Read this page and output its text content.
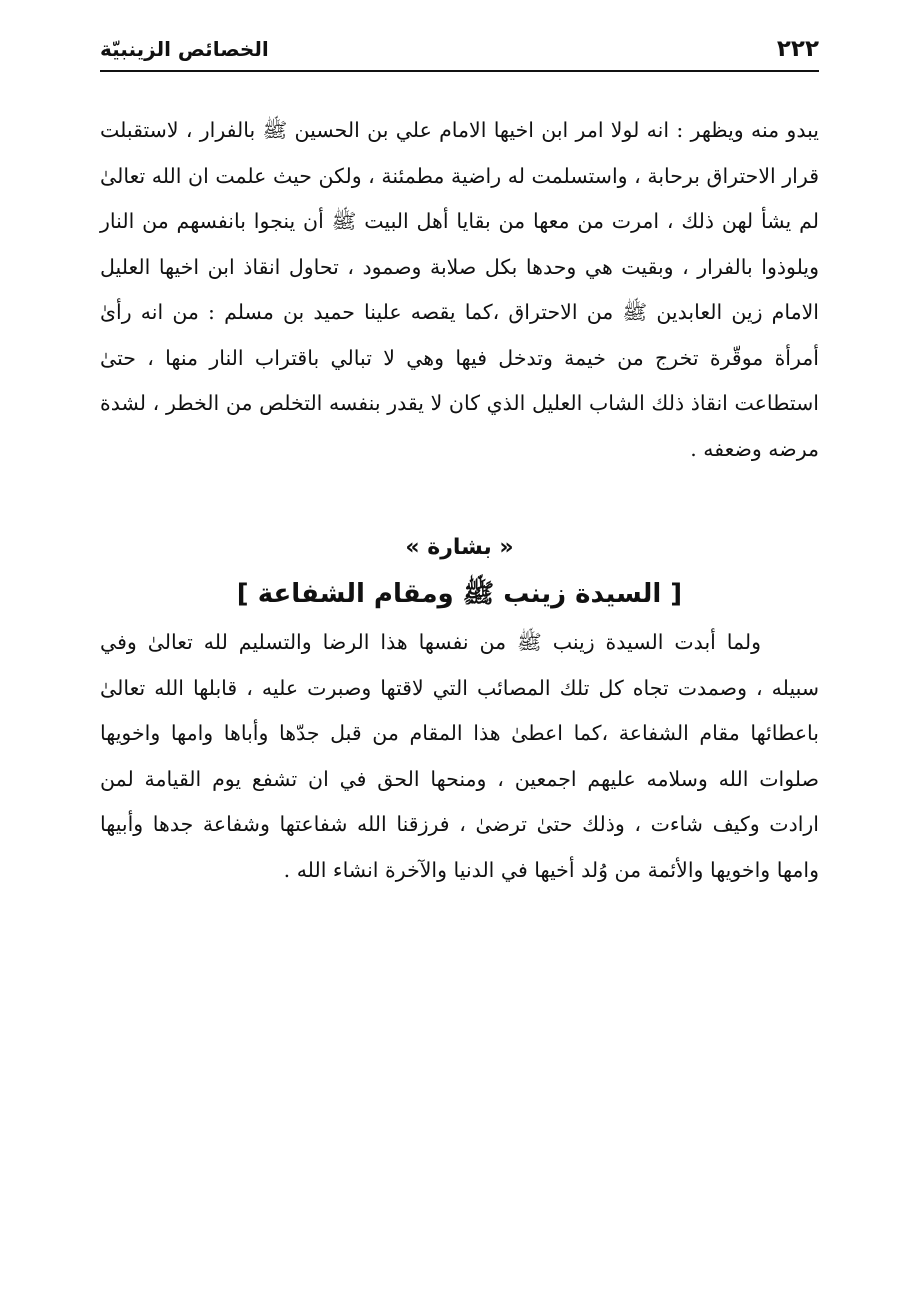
٢٢٢
الخصائص الزينبيّة

يبدو منه ويظهر : انه لولا امر ابن اخيها الامام علي بن الحسين ﷺ بالفرار ، لاستقبلت قرار الاحتراق برحابة ، واستسلمت له راضية مطمئنة ، ولكن حيث علمت ان الله تعالىٰ لم يشأ لهن ذلك ، امرت من معها من بقايا أهل البيت ﷺ أن ينجوا بانفسهم من النار ويلوذوا بالفرار ، وبقيت هي وحدها بكل صلابة وصمود ، تحاول انقاذ ابن اخيها العليل الامام زين العابدين ﷺ من الاحتراق ،كما يقصه علينا حميد بن مسلم : من انه رأىٰ أمرأة موقّرة تخرج من خيمة وتدخل فيها وهي لا تبالي باقتراب النار منها ، حتىٰ استطاعت انقاذ ذلك الشاب العليل الذي كان لا يقدر بنفسه التخلص من الخطر ، لشدة مرضه وضعفه .

« بشارة »
[ السيدة زينب ﷺ ومقام الشفاعة ]

ولما أبدت السيدة زينب ﷺ من نفسها هذا الرضا والتسليم لله تعالىٰ وفي سبيله ، وصمدت تجاه كل تلك المصائب التي لاقتها وصبرت عليه ، قابلها الله تعالىٰ باعطائها مقام الشفاعة ،كما اعطىٰ هذا المقام من قبل جدّها وأباها وامها واخويها صلوات الله وسلامه عليهم اجمعين ، ومنحها الحق في ان تشفع يوم القيامة لمن ارادت وكيف شاءت ، وذلك حتىٰ ترضىٰ ، فرزقنا الله شفاعتها وشفاعة جدها وأبيها وامها واخويها والأئمة من وُلد أخيها في الدنيا والآخرة انشاء الله .
